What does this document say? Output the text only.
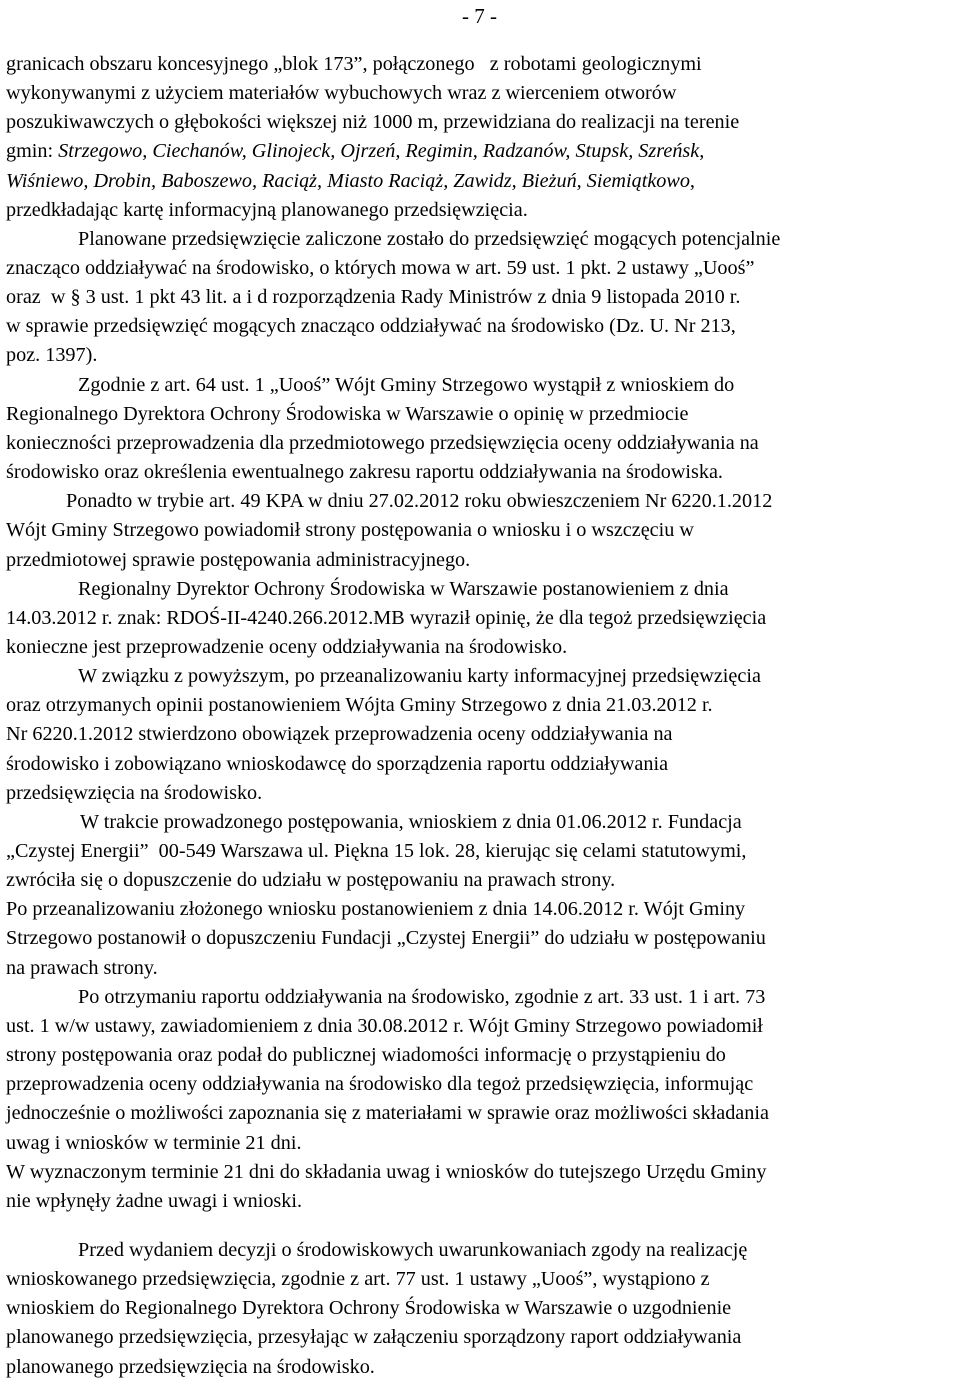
- 7 -
granicach obszaru koncesyjnego „blok 173”, połączonego   z robotami geologicznymi
wykonywanymi z użyciem materiałów wybuchowych wraz z wierceniem otworów
poszukiwawczych o głębokości większej niż 1000 m, przewidziana do realizacji na terenie
gmin: Strzegowo, Ciechanów, Glinojeck, Ojrzeń, Regimin, Radzanów, Stupsk, Szreńsk,
Wiśniewo, Drobin, Baboszewo, Raciąż, Miasto Raciąż, Zawidz, Bieżuń, Siemiątkowo,
przedkładając kartę informacyjną planowanego przedsięwzięcia.
Planowane przedsięwzięcie zaliczone zostało do przedsięwzięć mogących potencjalnie
znacząco oddziaływać na środowisko, o których mowa w art. 59 ust. 1 pkt. 2 ustawy „Uooś”
oraz  w § 3 ust. 1 pkt 43 lit. a i d rozporządzenia Rady Ministrów z dnia 9 listopada 2010 r.
w sprawie przedsięwzięć mogących znacząco oddziaływać na środowisko (Dz. U. Nr 213,
poz. 1397).
Zgodnie z art. 64 ust. 1 „Uooś” Wójt Gminy Strzegowo wystąpił z wnioskiem do
Regionalnego Dyrektora Ochrony Środowiska w Warszawie o opinię w przedmiocie
konieczności przeprowadzenia dla przedmiotowego przedsięwzięcia oceny oddziaływania na
środowisko oraz określenia ewentualnego zakresu raportu oddziaływania na środowiska.
Ponadto w trybie art. 49 KPA w dniu 27.02.2012 roku obwieszczeniem Nr 6220.1.2012
Wójt Gminy Strzegowo powiadomił strony postępowania o wniosku i o wszczęciu w
przedmiotowej sprawie postępowania administracyjnego.
Regionalny Dyrektor Ochrony Środowiska w Warszawie postanowieniem z dnia
14.03.2012 r. znak: RDOŚ-II-4240.266.2012.MB wyraził opinię, że dla tegoż przedsięwzięcia
konieczne jest przeprowadzenie oceny oddziaływania na środowisko.
W związku z powyższym, po przeanalizowaniu karty informacyjnej przedsięwzięcia
oraz otrzymanych opinii postanowieniem Wójta Gminy Strzegowo z dnia 21.03.2012 r.
Nr 6220.1.2012 stwierdzono obowiązek przeprowadzenia oceny oddziaływania na
środowisko i zobowiązano wnioskodawcę do sporządzenia raportu oddziaływania
przedsięwzięcia na środowisko.
W trakcie prowadzonego postępowania, wnioskiem z dnia 01.06.2012 r. Fundacja
„Czystej Energii”  00-549 Warszawa ul. Piękna 15 lok. 28, kierując się celami statutowymi,
zwróciła się o dopuszczenie do udziału w postępowaniu na prawach strony.
Po przeanalizowaniu złożonego wniosku postanowieniem z dnia 14.06.2012 r. Wójt Gminy
Strzegowo postanowił o dopuszczeniu Fundacji „Czystej Energii” do udziału w postępowaniu
na prawach strony.
Po otrzymaniu raportu oddziaływania na środowisko, zgodnie z art. 33 ust. 1 i art. 73
ust. 1 w/w ustawy, zawiadomieniem z dnia 30.08.2012 r. Wójt Gminy Strzegowo powiadomił
strony postępowania oraz podał do publicznej wiadomości informację o przystąpieniu do
przeprowadzenia oceny oddziaływania na środowisko dla tegoż przedsięwzięcia, informując
jednocześnie o możliwości zapoznania się z materiałami w sprawie oraz możliwości składania
uwag i wniosków w terminie 21 dni.
W wyznaczonym terminie 21 dni do składania uwag i wniosków do tutejszego Urzędu Gminy
nie wpłynęły żadne uwagi i wnioski.
Przed wydaniem decyzji o środowiskowych uwarunkowaniach zgody na realizację
wnioskowanego przedsięwzięcia, zgodnie z art. 77 ust. 1 ustawy „Uooś”, wystąpiono z
wnioskiem do Regionalnego Dyrektora Ochrony Środowiska w Warszawie o uzgodnienie
planowanego przedsięwzięcia, przesyłając w załączeniu sporządzony raport oddziaływania
planowanego przedsięwzięcia na środowisko.
